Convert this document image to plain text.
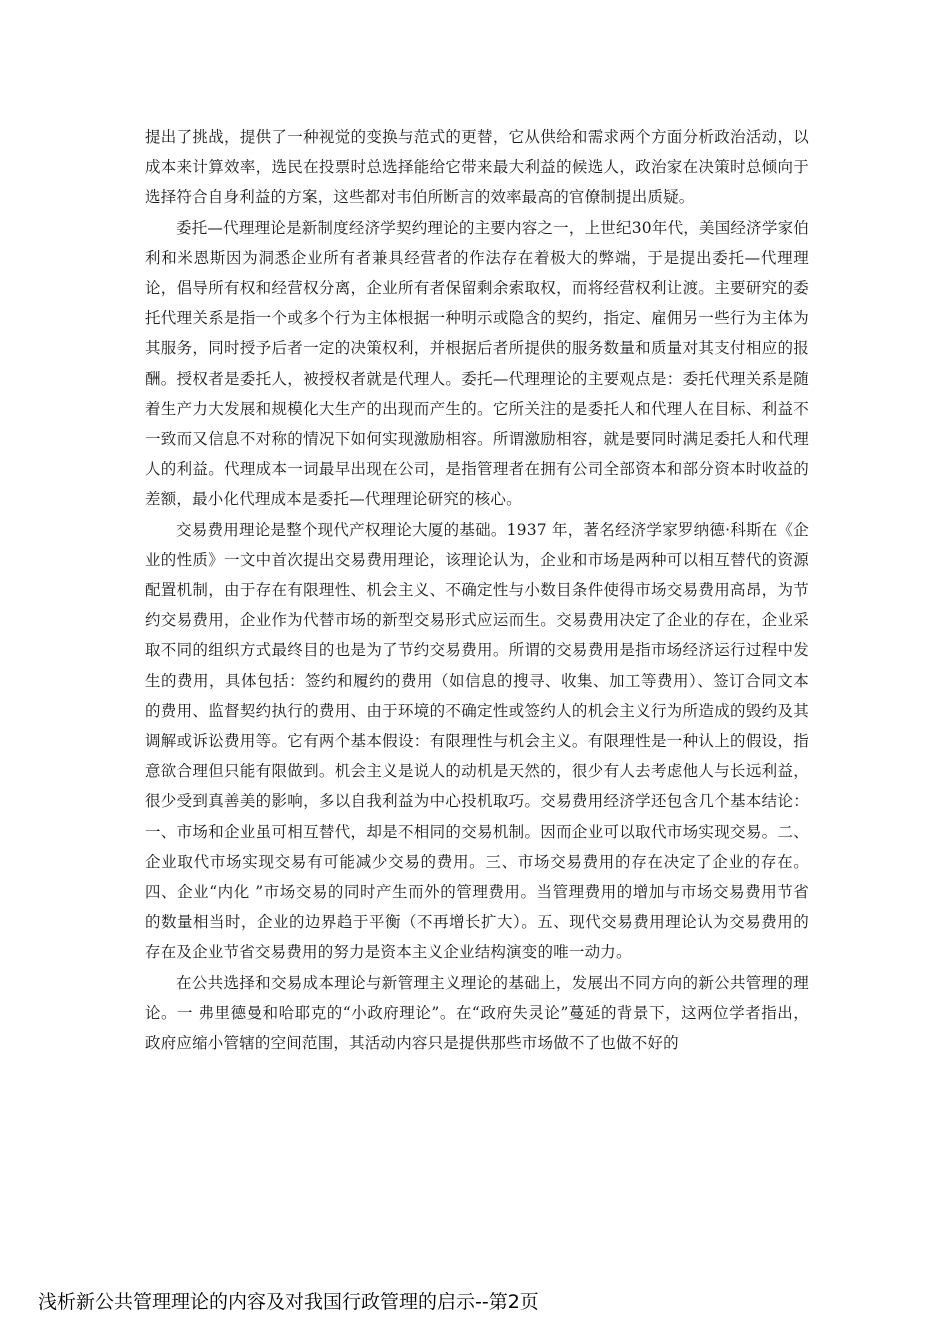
提出了挑战，提供了一种视觉的变换与范式的更替，它从供给和需求两个方面分析政治活动，以成本来计算效率，选民在投票时总选择能给它带来最大利益的候选人，政治家在决策时总倾向于选择符合自身利益的方案，这些都对韦伯所断言的效率最高的官僚制提出质疑。

委托—代理理论是新制度经济学契约理论的主要内容之一，上世纪30年代，美国经济学家伯利和米恩斯因为洞悉企业所有者兼具经营者的作法存在着极大的弊端，于是提出委托—代理理论，倡导所有权和经营权分离，企业所有者保留剩余索取权，而将经营权利让渡。主要研究的委托代理关系是指一个或多个行为主体根据一种明示或隐含的契约，指定、雇佣另一些行为主体为其服务，同时授予后者一定的决策权利，并根据后者所提供的服务数量和质量对其支付相应的报酬。授权者是委托人，被授权者就是代理人。委托—代理理论的主要观点是：委托代理关系是随着生产力大发展和规模化大生产的出现而产生的。它所关注的是委托人和代理人在目标、利益不一致而又信息不对称的情况下如何实现激励相容。所谓激励相容，就是要同时满足委托人和代理人的利益。代理成本一词最早出现在公司，是指管理者在拥有公司全部资本和部分资本时收益的差额，最小化代理成本是委托—代理理论研究的核心。

交易费用理论是整个现代产权理论大厦的基础。1937 年，著名经济学家罗纳德·科斯在《企业的性质》一文中首次提出交易费用理论，该理论认为，企业和市场是两种可以相互替代的资源配置机制，由于存在有限理性、机会主义、不确定性与小数目条件使得市场交易费用高昂，为节约交易费用，企业作为代替市场的新型交易形式应运而生。交易费用决定了企业的存在，企业采取不同的组织方式最终目的也是为了节约交易费用。所谓的交易费用是指市场经济运行过程中发生的费用，具体包括：签约和履约的费用（如信息的搜寻、收集、加工等费用）、签订合同文本的费用、监督契约执行的费用、由于环境的不确定性或签约人的机会主义行为所造成的毁约及其调解或诉讼费用等。它有两个基本假设：有限理性与机会主义。有限理性是一种认上的假设，指意欲合理但只能有限做到。机会主义是说人的动机是天然的，很少有人去考虑他人与长远利益，很少受到真善美的影响，多以自我利益为中心投机取巧。交易费用经济学还包含几个基本结论：一、市场和企业虽可相互替代，却是不相同的交易机制。因而企业可以取代市场实现交易。二、企业取代市场实现交易有可能减少交易的费用。三、市场交易费用的存在决定了企业的存在。四、企业“内化 ”市场交易的同时产生而外的管理费用。当管理费用的增加与市场交易费用节省的数量相当时，企业的边界趋于平衡（不再增长扩大）。五、现代交易费用理论认为交易费用的存在及企业节省交易费用的努力是资本主义企业结构演变的唯一动力。

在公共选择和交易成本理论与新管理主义理论的基础上，发展出不同方向的新公共管理的理论。一 弗里德曼和哈耶克的“小政府理论”。在“政府失灵论”蔓延的背景下，这两位学者指出，政府应缩小管辖的空间范围，其活动内容只是提供那些市场做不了也做不好的

浅析新公共管理理论的内容及对我国行政管理的启示--第2页
